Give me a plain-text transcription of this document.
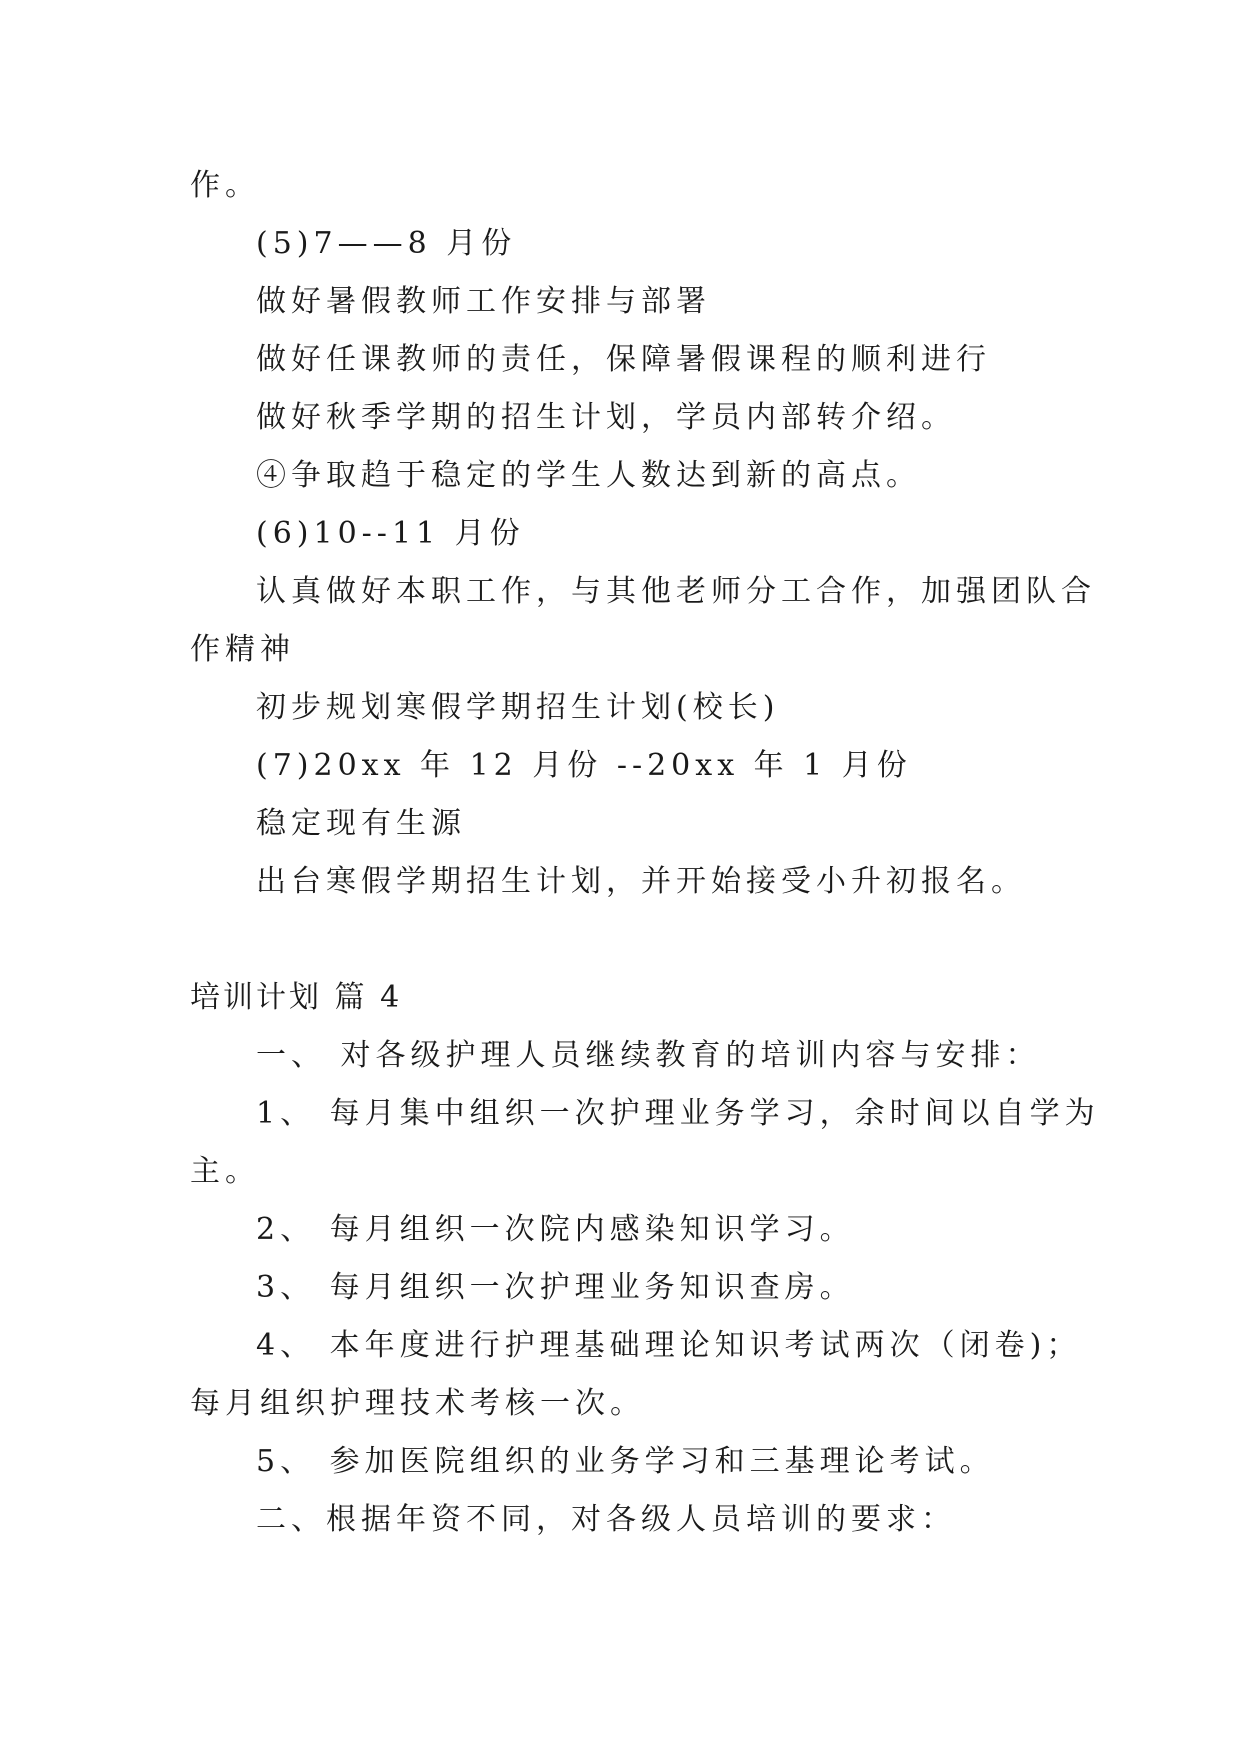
作。
(5)7——8 月份
做好暑假教师工作安排与部署
做好任课教师的责任，保障暑假课程的顺利进行
做好秋季学期的招生计划，学员内部转介绍。
④争取趋于稳定的学生人数达到新的高点。
(6)10--11 月份
认真做好本职工作，与其他老师分工合作，加强团队合
作精神
初步规划寒假学期招生计划(校长)
(7)20xx 年 12 月份 --20xx 年 1 月份
稳定现有生源
出台寒假学期招生计划，并开始接受小升初报名。
培训计划 篇 4
一、 对各级护理人员继续教育的培训内容与安排：
1、 每月集中组织一次护理业务学习，余时间以自学为
主。
2、 每月组织一次院内感染知识学习。
3、 每月组织一次护理业务知识查房。
4、 本年度进行护理基础理论知识考试两次（闭卷)；
每月组织护理技术考核一次。
5、 参加医院组织的业务学习和三基理论考试。
二、根据年资不同，对各级人员培训的要求：
